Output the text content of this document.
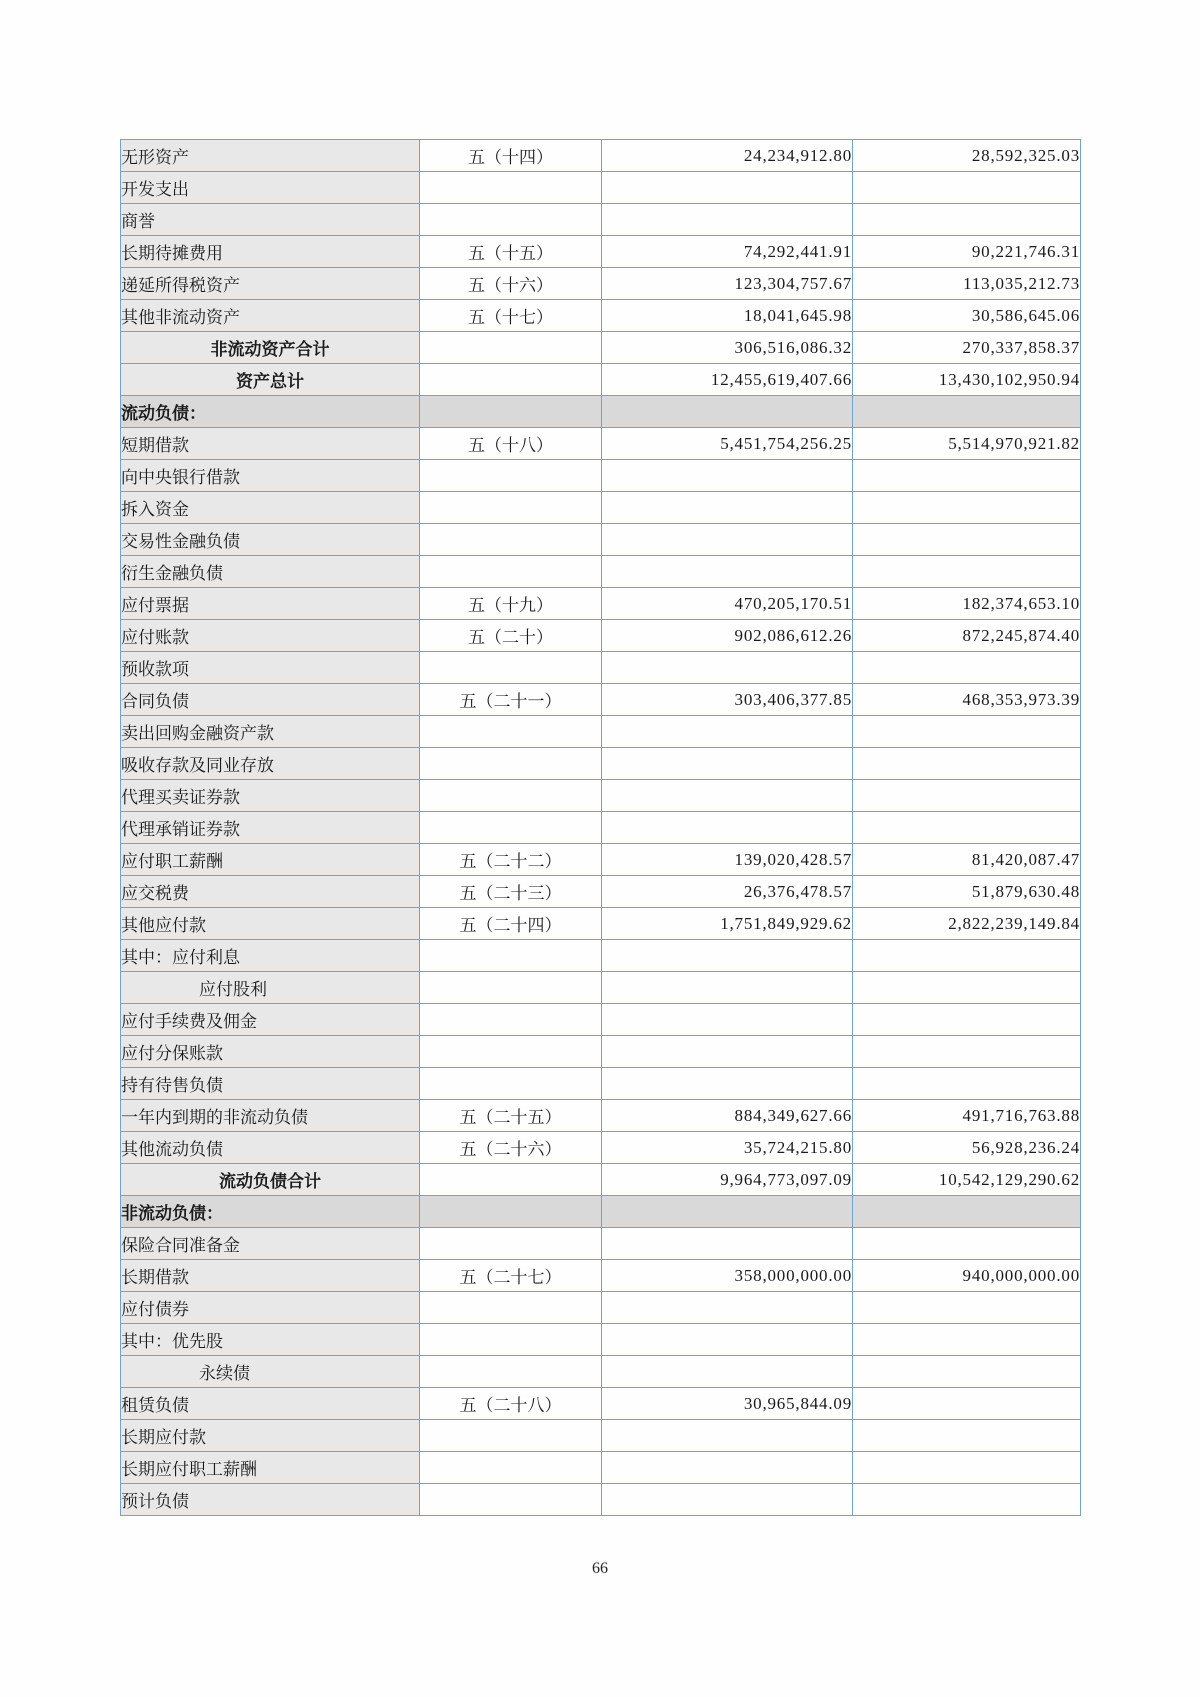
无形资产	五（十四）	24,234,912.80	28,592,325.03
开发支出			
商誉			
长期待摊费用	五（十五）	74,292,441.91	90,221,746.31
递延所得税资产	五（十六）	123,304,757.67	113,035,212.73
其他非流动资产	五（十七）	18,041,645.98	30,586,645.06
非流动资产合计		306,516,086.32	270,337,858.37
资产总计		12,455,619,407.66	13,430,102,950.94
流动负债：			
短期借款	五（十八）	5,451,754,256.25	5,514,970,921.82
向中央银行借款			
拆入资金			
交易性金融负债			
衍生金融负债			
应付票据	五（十九）	470,205,170.51	182,374,653.10
应付账款	五（二十）	902,086,612.26	872,245,874.40
预收款项			
合同负债	五（二十一）	303,406,377.85	468,353,973.39
卖出回购金融资产款			
吸收存款及同业存放			
代理买卖证券款			
代理承销证券款			
应付职工薪酬	五（二十二）	139,020,428.57	81,420,087.47
应交税费	五（二十三）	26,376,478.57	51,879,630.48
其他应付款	五（二十四）	1,751,849,929.62	2,822,239,149.84
其中：应付利息			
应付股利			
应付手续费及佣金			
应付分保账款			
持有待售负债			
一年内到期的非流动负债	五（二十五）	884,349,627.66	491,716,763.88
其他流动负债	五（二十六）	35,724,215.80	56,928,236.24
流动负债合计		9,964,773,097.09	10,542,129,290.62
非流动负债：			
保险合同准备金			
长期借款	五（二十七）	358,000,000.00	940,000,000.00
应付债券			
其中：优先股			
永续债			
租赁负债	五（二十八）	30,965,844.09	
长期应付款			
长期应付职工薪酬			
预计负债			
66
